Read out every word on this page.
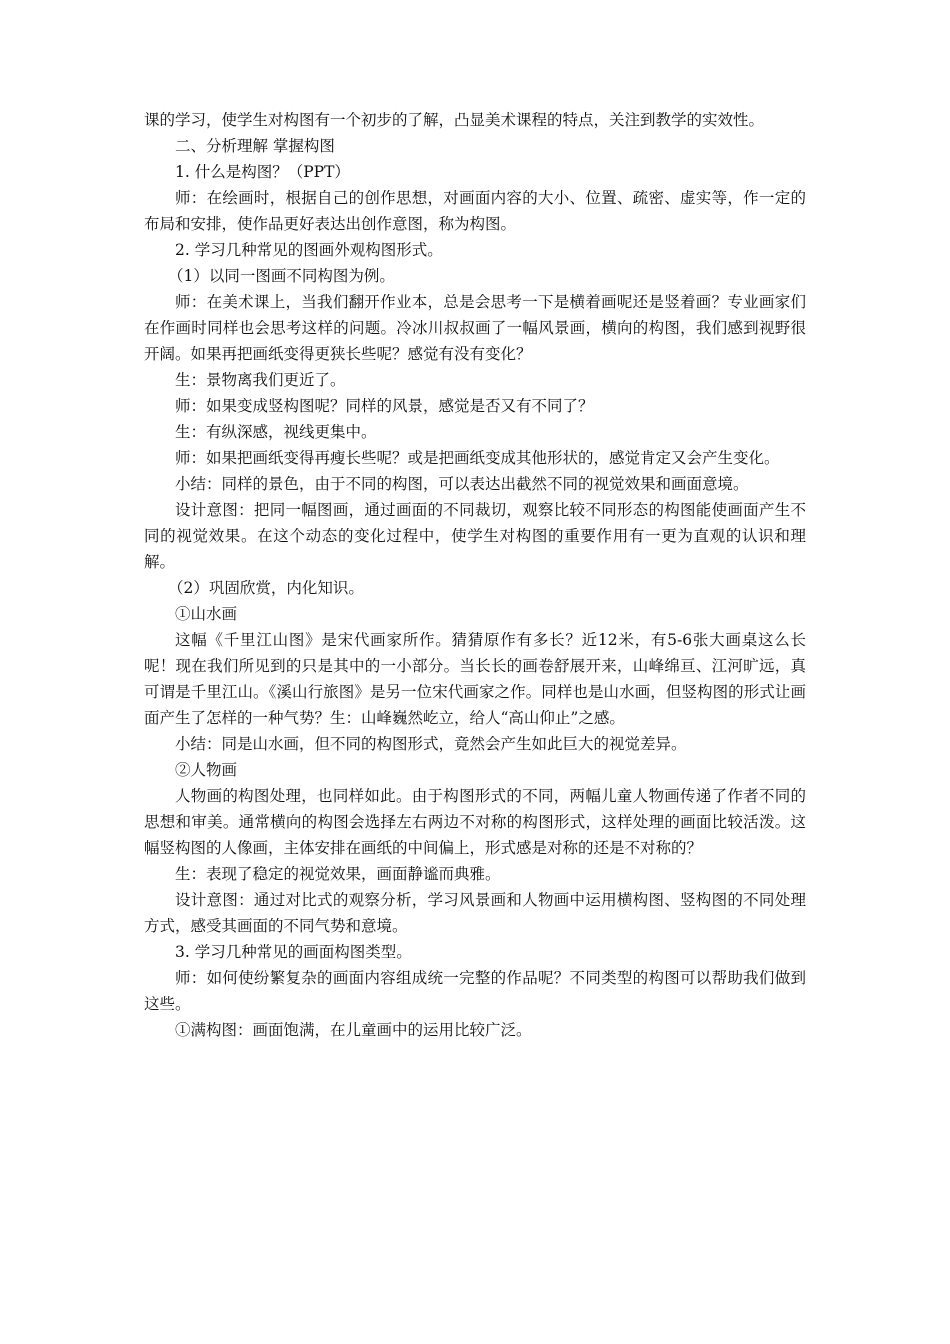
课的学习，使学生对构图有一个初步的了解，凸显美术课程的特点，关注到教学的实效性。

二、分析理解 掌握构图

1. 什么是构图？（PPT）

师：在绘画时，根据自己的创作思想，对画面内容的大小、位置、疏密、虚实等，作一定的布局和安排，使作品更好表达出创作意图，称为构图。

2. 学习几种常见的图画外观构图形式。

（1）以同一图画不同构图为例。

师：在美术课上，当我们翻开作业本，总是会思考一下是横着画呢还是竖着画？专业画家们在作画时同样也会思考这样的问题。冷冰川叔叔画了一幅风景画，横向的构图，我们感到视野很开阔。如果再把画纸变得更狭长些呢？感觉有没有变化？

生：景物离我们更近了。

师：如果变成竖构图呢？同样的风景，感觉是否又有不同了？

生：有纵深感，视线更集中。

师：如果把画纸变得再瘦长些呢？或是把画纸变成其他形状的，感觉肯定又会产生变化。

小结：同样的景色，由于不同的构图，可以表达出截然不同的视觉效果和画面意境。

设计意图：把同一幅图画，通过画面的不同裁切，观察比较不同形态的构图能使画面产生不同的视觉效果。在这个动态的变化过程中，使学生对构图的重要作用有一更为直观的认识和理解。

（2）巩固欣赏，内化知识。

①山水画

这幅《千里江山图》是宋代画家所作。猜猜原作有多长？近12米，有5-6张大画桌这么长呢！现在我们所见到的只是其中的一小部分。当长长的画卷舒展开来，山峰绵亘、江河旷远，真可谓是千里江山。《溪山行旅图》是另一位宋代画家之作。同样也是山水画，但竖构图的形式让画面产生了怎样的一种气势？生：山峰巍然屹立，给人“高山仰止”之感。

小结：同是山水画，但不同的构图形式，竟然会产生如此巨大的视觉差异。

②人物画

人物画的构图处理，也同样如此。由于构图形式的不同，两幅儿童人物画传递了作者不同的思想和审美。通常横向的构图会选择左右两边不对称的构图形式，这样处理的画面比较活泼。这幅竖构图的人像画，主体安排在画纸的中间偏上，形式感是对称的还是不对称的？

生：表现了稳定的视觉效果，画面静谧而典雅。

设计意图：通过对比式的观察分析，学习风景画和人物画中运用横构图、竖构图的不同处理方式，感受其画面的不同气势和意境。

3. 学习几种常见的画面构图类型。

师：如何使纷繁复杂的画面内容组成统一完整的作品呢？不同类型的构图可以帮助我们做到这些。

①满构图：画面饱满，在儿童画中的运用比较广泛。
